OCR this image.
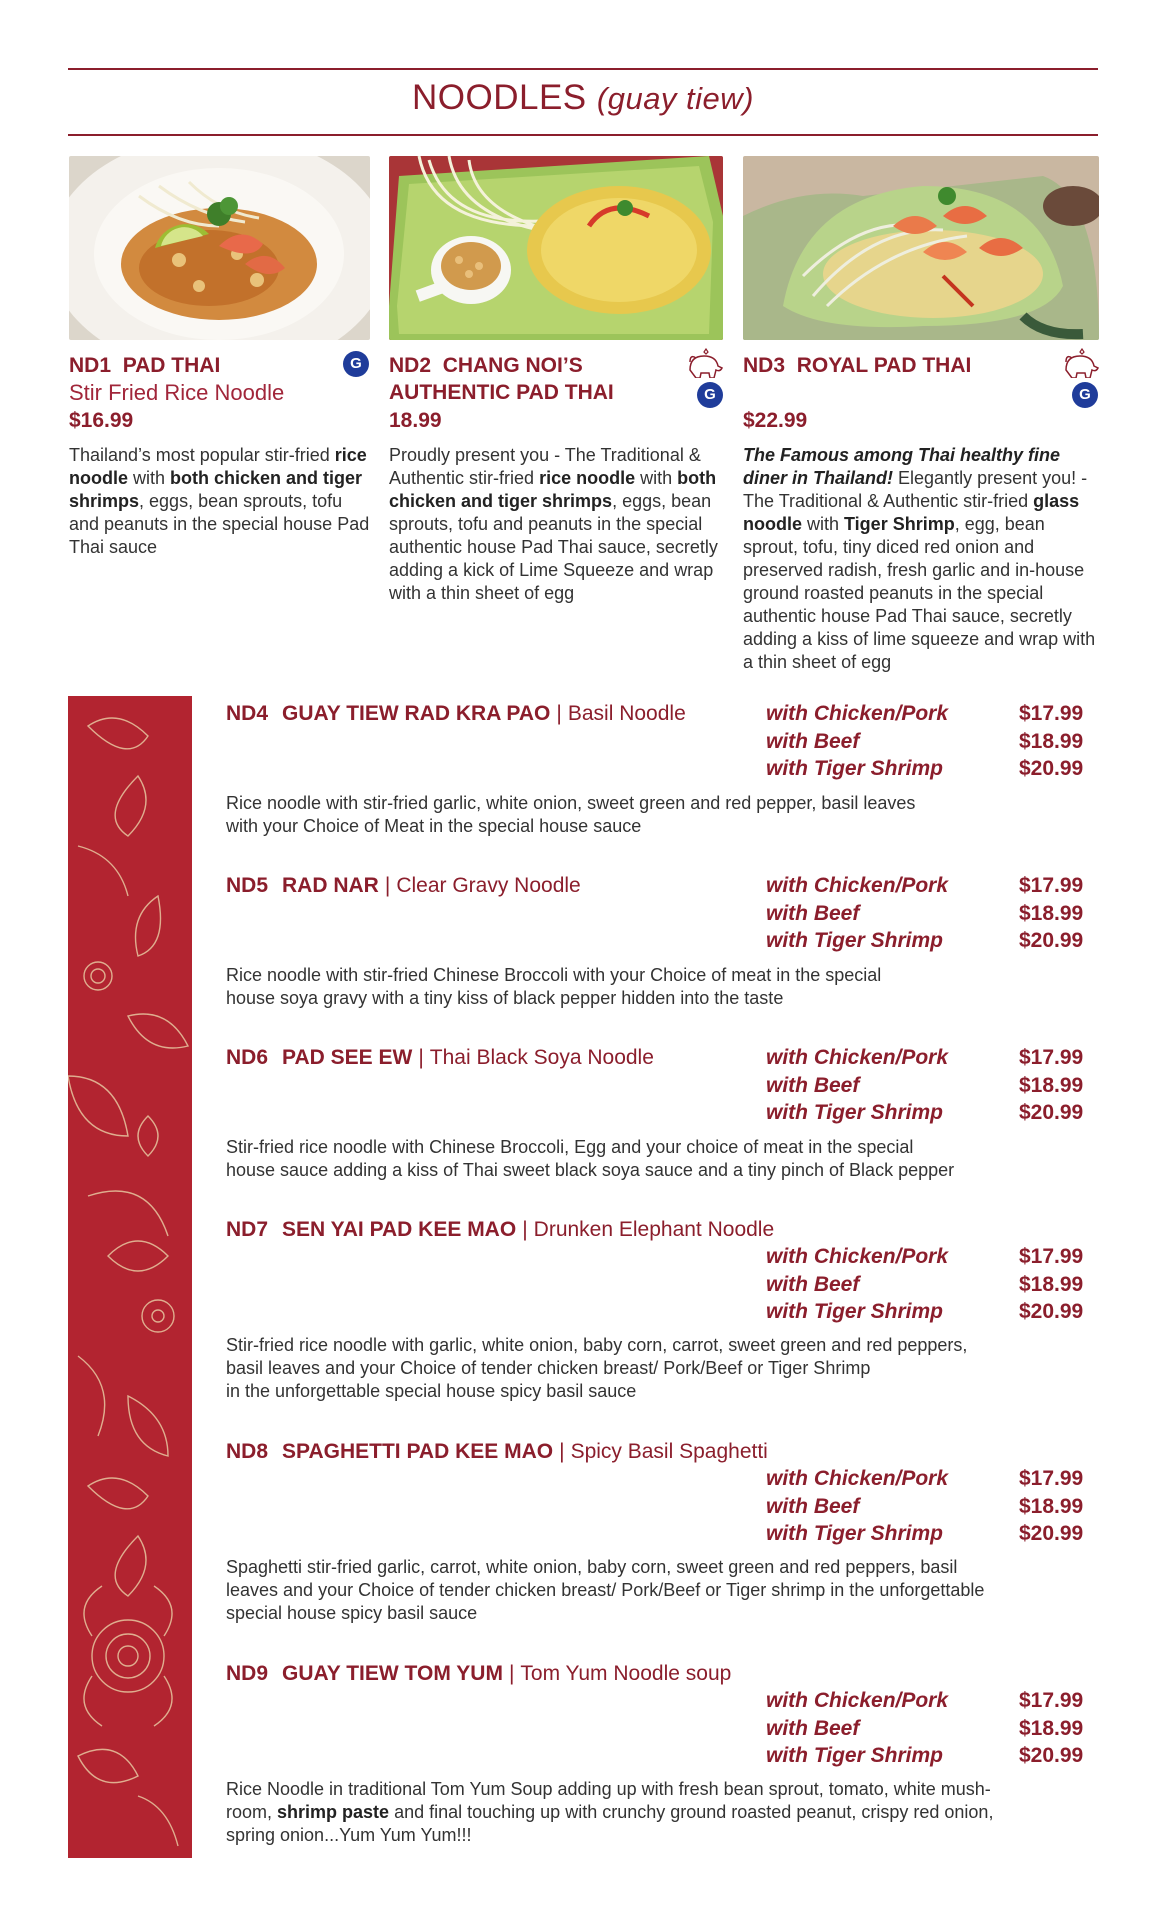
NOODLES (guay tiew)
ND1 PAD THAI
Stir Fried Rice Noodle
$16.99
Thailand’s most popular stir-fried rice noodle with both chicken and tiger shrimps, eggs, bean sprouts, tofu and peanuts in the special house Pad Thai sauce
G	ND2 CHANG NOI’S
AUTHENTIC PAD THAI
18.99
Proudly present you - The Traditional & Authentic stir-fried rice noodle with both chicken and tiger shrimps, eggs, bean sprouts, tofu and peanuts in the special authentic house Pad Thai sauce, secretly adding a kick of Lime Squeeze and wrap with a thin sheet of egg
G
ND3 ROYAL PAD THAI
$22.99
The Famous among Thai healthy fine diner in Thailand! Elegantly present you! - The Traditional & Authentic stir-fried glass noodle with Tiger Shrimp, egg, bean sprout, tofu, tiny diced red onion and preserved radish, fresh garlic and in-house ground roasted peanuts in the special authentic house Pad Thai sauce, secretly adding a kiss of lime squeeze and wrap with a thin sheet of egg
G
ND4 GUAY TIEW RAD KRA PAO | Basil Noodle	with Chicken/Pork	$17.99
with Beef	$18.99
with Tiger Shrimp	$20.99
Rice noodle with stir-fried garlic, white onion, sweet green and red pepper, basil leaves
with your Choice of Meat in the special house sauce
ND5 RAD NAR | Clear Gravy Noodle	with Chicken/Pork	$17.99
with Beef	$18.99
with Tiger Shrimp	$20.99
Rice noodle with stir-fried Chinese Broccoli with your Choice of meat in the special
house soya gravy with a tiny kiss of black pepper hidden into the taste
ND6 PAD SEE EW | Thai Black Soya Noodle	with Chicken/Pork	$17.99
with Beef	$18.99
with Tiger Shrimp	$20.99
Stir-fried rice noodle with Chinese Broccoli, Egg and your choice of meat in the special
house sauce adding a kiss of Thai sweet black soya sauce and a tiny pinch of Black pepper
ND7 SEN YAI PAD KEE MAO | Drunken Elephant Noodle
with Chicken/Pork	$17.99
with Beef	$18.99
with Tiger Shrimp	$20.99
Stir-fried rice noodle with garlic, white onion, baby corn, carrot, sweet green and red peppers,
basil leaves and your Choice of tender chicken breast/ Pork/Beef or Tiger Shrimp
in the unforgettable special house spicy basil sauce
ND8 SPAGHETTI PAD KEE MAO | Spicy Basil Spaghetti
with Chicken/Pork	$17.99
with Beef	$18.99
with Tiger Shrimp	$20.99
Spaghetti stir-fried garlic, carrot, white onion, baby corn, sweet green and red peppers, basil
leaves and your Choice of tender chicken breast/ Pork/Beef or Tiger shrimp in the unforgettable
special house spicy basil sauce
ND9 GUAY TIEW TOM YUM | Tom Yum Noodle soup
with Chicken/Pork	$17.99
with Beef	$18.99
with Tiger Shrimp	$20.99
Rice Noodle in traditional Tom Yum Soup adding up with fresh bean sprout, tomato, white mush-
room, shrimp paste and final touching up with crunchy ground roasted peanut, crispy red onion,
spring onion...Yum Yum Yum!!!
